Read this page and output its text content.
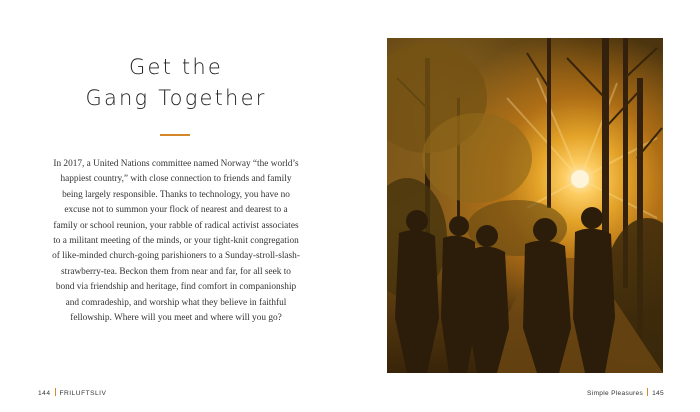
Get the
Gang Together
In 2017, a United Nations committee named Norway “the world’s happiest country,” with close connection to friends and family being largely responsible. Thanks to technology, you have no excuse not to summon your flock of nearest and dearest to a family or school reunion, your rabble of radical activist associates to a militant meeting of the minds, or your tight-knit congregation of like-minded church-going parishioners to a Sunday-stroll-slash-strawberry-tea. Beckon them from near and far, for all seek to bond via friendship and heritage, find comfort in companionship and comradeship, and worship what they believe in faithful fellowship. Where will you meet and where will you go?
144 FRILUFTSLIV	Simple Pleasures 145
